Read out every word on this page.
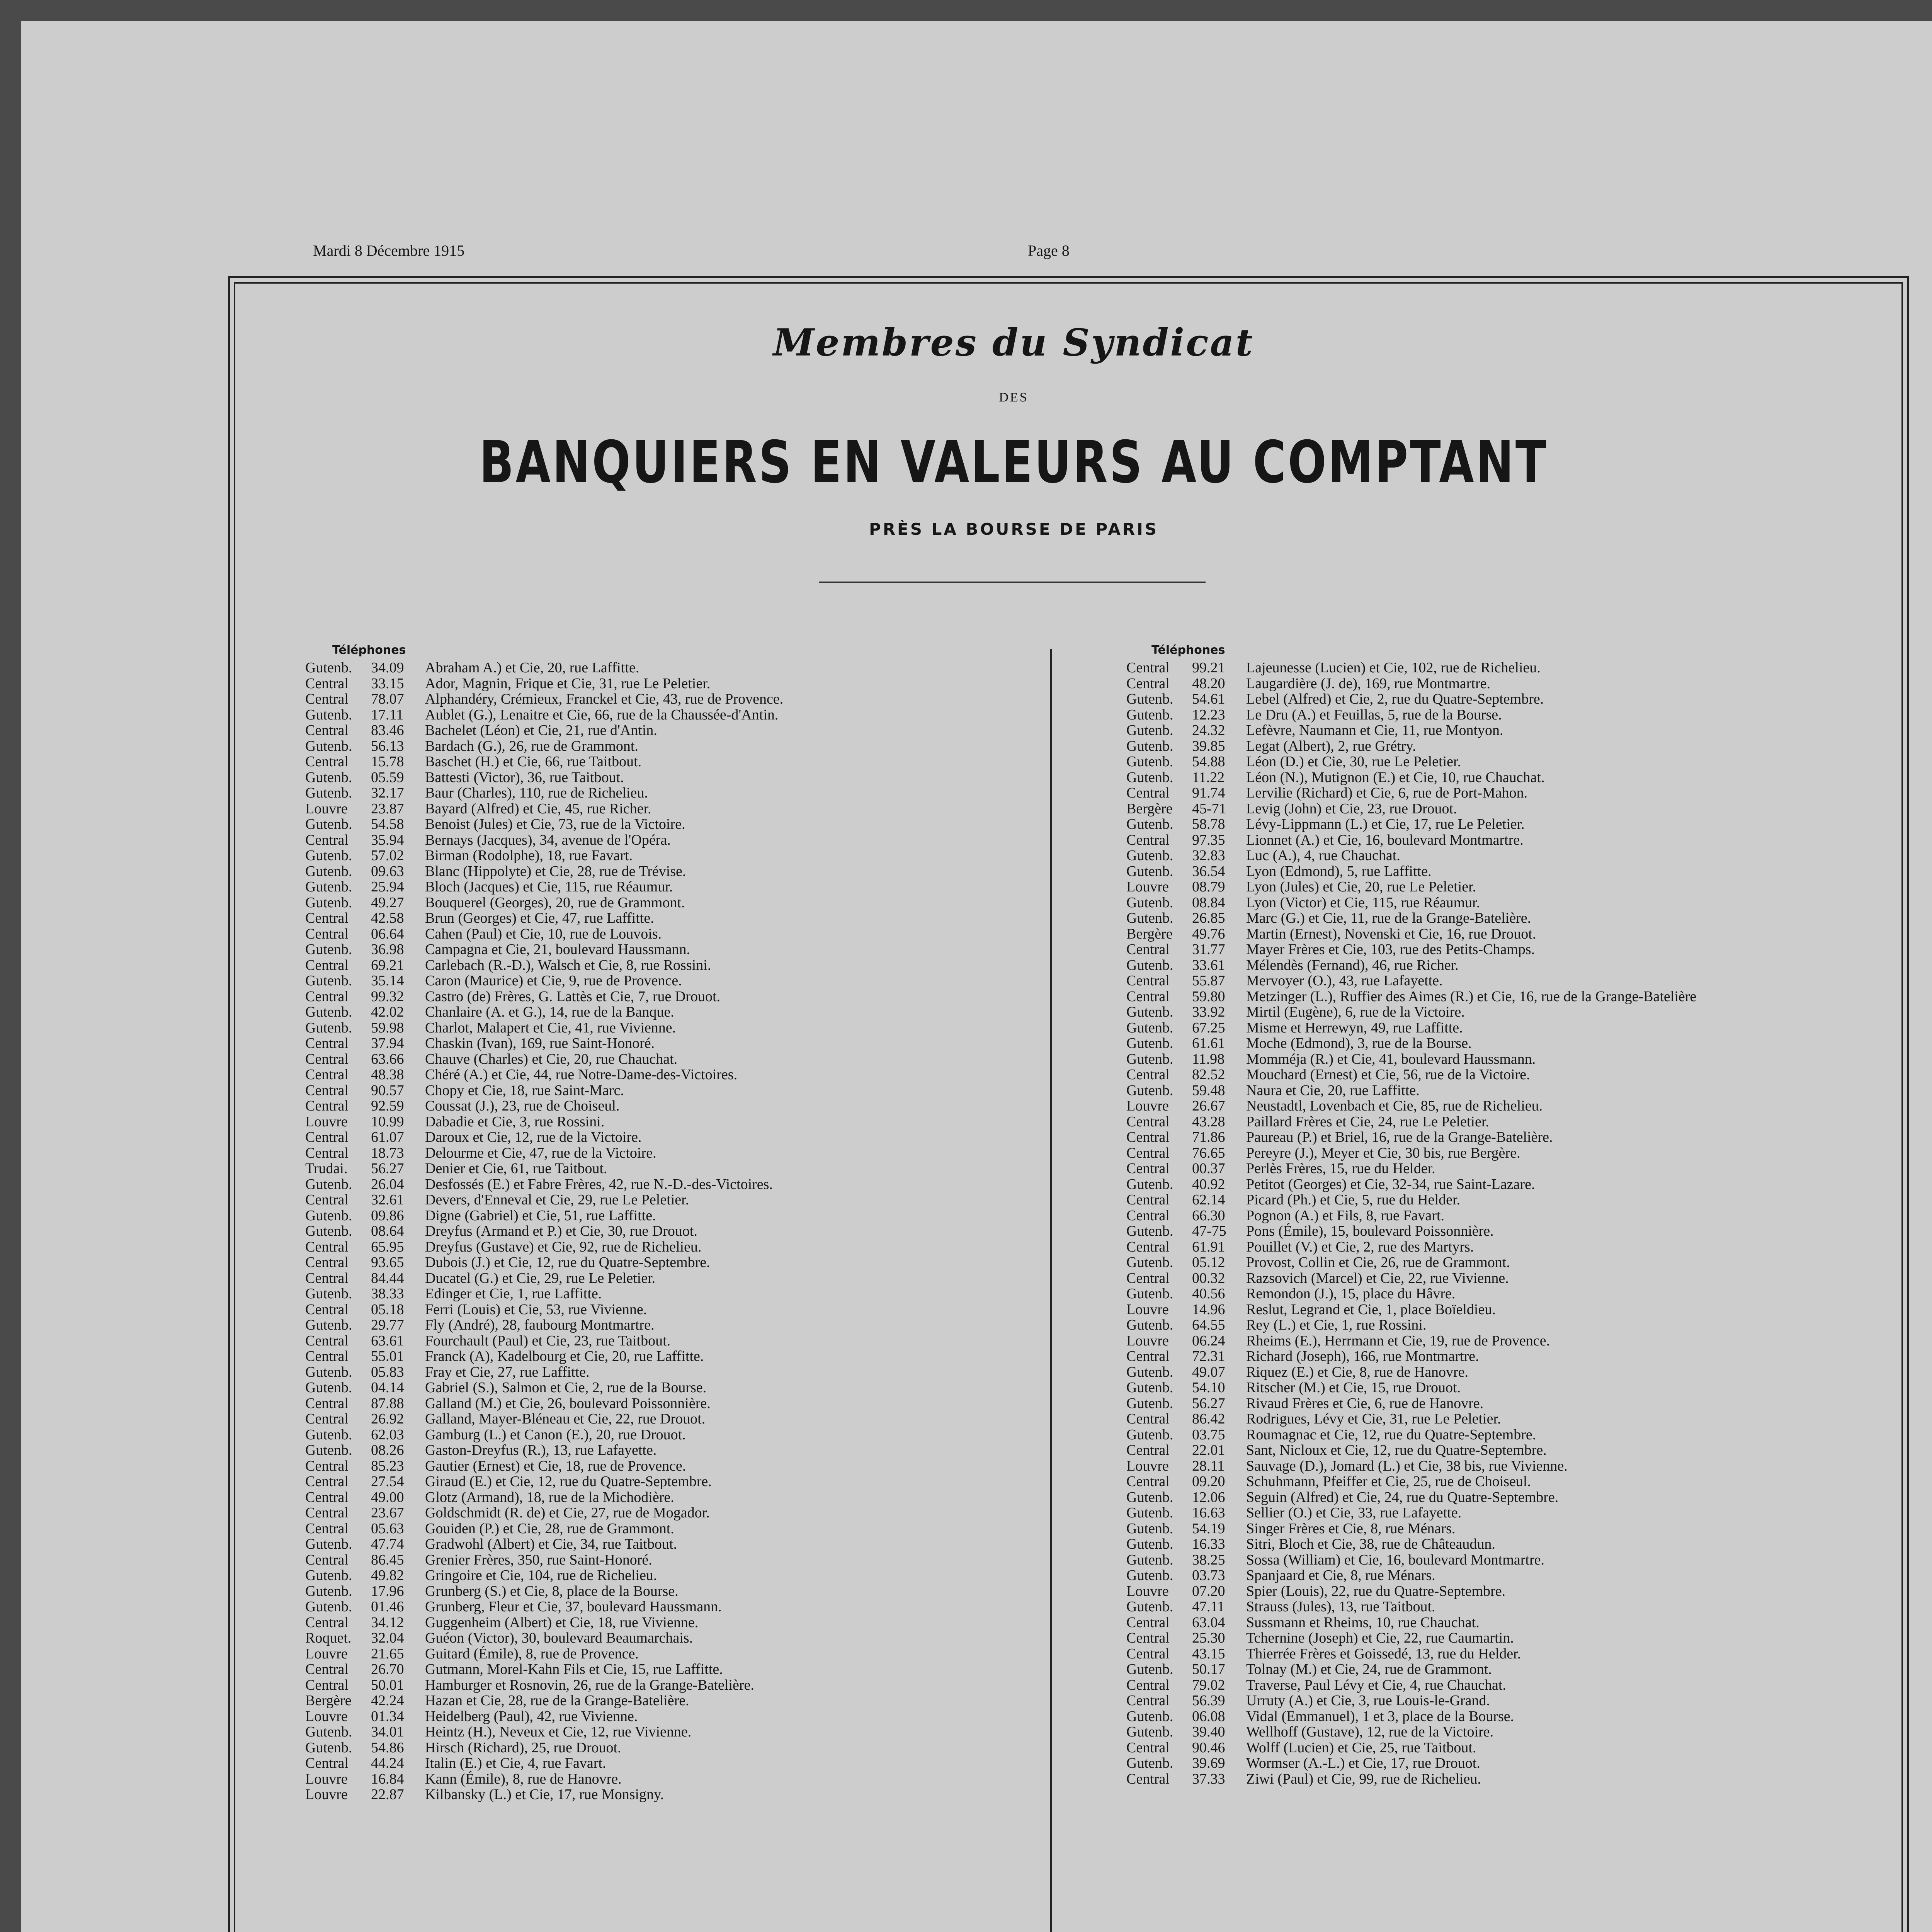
Mardi 8 Décembre 1915	Page 8
Membres du Syndicat
DES
BANQUIERS EN VALEURS AU COMPTANT
PRÈS LA BOURSE DE PARIS
Téléphones	Téléphones
Gutenb.	34.09	Abraham A.) et Cie, 20, rue Laffitte.
Central	33.15	Ador, Magnin, Frique et Cie, 31, rue Le Peletier.
Central	78.07	Alphandéry, Crémieux, Franckel et Cie, 43, rue de Provence.
Gutenb.	17.11	Aublet (G.), Lenaitre et Cie, 66, rue de la Chaussée-d'Antin.
Central	83.46	Bachelet (Léon) et Cie, 21, rue d'Antin.
Gutenb.	56.13	Bardach (G.), 26, rue de Grammont.
Central	15.78	Baschet (H.) et Cie, 66, rue Taitbout.
Gutenb.	05.59	Battesti (Victor), 36, rue Taitbout.
Gutenb.	32.17	Baur (Charles), 110, rue de Richelieu.
Louvre	23.87	Bayard (Alfred) et Cie, 45, rue Richer.
Gutenb.	54.58	Benoist (Jules) et Cie, 73, rue de la Victoire.
Central	35.94	Bernays (Jacques), 34, avenue de l'Opéra.
Gutenb.	57.02	Birman (Rodolphe), 18, rue Favart.
Gutenb.	09.63	Blanc (Hippolyte) et Cie, 28, rue de Trévise.
Gutenb.	25.94	Bloch (Jacques) et Cie, 115, rue Réaumur.
Gutenb.	49.27	Bouquerel (Georges), 20, rue de Grammont.
Central	42.58	Brun (Georges) et Cie, 47, rue Laffitte.
Central	06.64	Cahen (Paul) et Cie, 10, rue de Louvois.
Gutenb.	36.98	Campagna et Cie, 21, boulevard Haussmann.
Central	69.21	Carlebach (R.-D.), Walsch et Cie, 8, rue Rossini.
Gutenb.	35.14	Caron (Maurice) et Cie, 9, rue de Provence.
Central	99.32	Castro (de) Frères, G. Lattès et Cie, 7, rue Drouot.
Gutenb.	42.02	Chanlaire (A. et G.), 14, rue de la Banque.
Gutenb.	59.98	Charlot, Malapert et Cie, 41, rue Vivienne.
Central	37.94	Chaskin (Ivan), 169, rue Saint-Honoré.
Central	63.66	Chauve (Charles) et Cie, 20, rue Chauchat.
Central	48.38	Chéré (A.) et Cie, 44, rue Notre-Dame-des-Victoires.
Central	90.57	Chopy et Cie, 18, rue Saint-Marc.
Central	92.59	Coussat (J.), 23, rue de Choiseul.
Louvre	10.99	Dabadie et Cie, 3, rue Rossini.
Central	61.07	Daroux et Cie, 12, rue de la Victoire.
Central	18.73	Delourme et Cie, 47, rue de la Victoire.
Trudai.	56.27	Denier et Cie, 61, rue Taitbout.
Gutenb.	26.04	Desfossés (E.) et Fabre Frères, 42, rue N.-D.-des-Victoires.
Central	32.61	Devers, d'Enneval et Cie, 29, rue Le Peletier.
Gutenb.	09.86	Digne (Gabriel) et Cie, 51, rue Laffitte.
Gutenb.	08.64	Dreyfus (Armand et P.) et Cie, 30, rue Drouot.
Central	65.95	Dreyfus (Gustave) et Cie, 92, rue de Richelieu.
Central	93.65	Dubois (J.) et Cie, 12, rue du Quatre-Septembre.
Central	84.44	Ducatel (G.) et Cie, 29, rue Le Peletier.
Gutenb.	38.33	Edinger et Cie, 1, rue Laffitte.
Central	05.18	Ferri (Louis) et Cie, 53, rue Vivienne.
Gutenb.	29.77	Fly (André), 28, faubourg Montmartre.
Central	63.61	Fourchault (Paul) et Cie, 23, rue Taitbout.
Central	55.01	Franck (A), Kadelbourg et Cie, 20, rue Laffitte.
Gutenb.	05.83	Fray et Cie, 27, rue Laffitte.
Gutenb.	04.14	Gabriel (S.), Salmon et Cie, 2, rue de la Bourse.
Central	87.88	Galland (M.) et Cie, 26, boulevard Poissonnière.
Central	26.92	Galland, Mayer-Bléneau et Cie, 22, rue Drouot.
Gutenb.	62.03	Gamburg (L.) et Canon (E.), 20, rue Drouot.
Gutenb.	08.26	Gaston-Dreyfus (R.), 13, rue Lafayette.
Central	85.23	Gautier (Ernest) et Cie, 18, rue de Provence.
Central	27.54	Giraud (E.) et Cie, 12, rue du Quatre-Septembre.
Central	49.00	Glotz (Armand), 18, rue de la Michodière.
Central	23.67	Goldschmidt (R. de) et Cie, 27, rue de Mogador.
Central	05.63	Gouiden (P.) et Cie, 28, rue de Grammont.
Gutenb.	47.74	Gradwohl (Albert) et Cie, 34, rue Taitbout.
Central	86.45	Grenier Frères, 350, rue Saint-Honoré.
Gutenb.	49.82	Gringoire et Cie, 104, rue de Richelieu.
Gutenb.	17.96	Grunberg (S.) et Cie, 8, place de la Bourse.
Gutenb.	01.46	Grunberg, Fleur et Cie, 37, boulevard Haussmann.
Central	34.12	Guggenheim (Albert) et Cie, 18, rue Vivienne.
Roquet.	32.04	Guéon (Victor), 30, boulevard Beaumarchais.
Louvre	21.65	Guitard (Émile), 8, rue de Provence.
Central	26.70	Gutmann, Morel-Kahn Fils et Cie, 15, rue Laffitte.
Central	50.01	Hamburger et Rosnovin, 26, rue de la Grange-Batelière.
Bergère	42.24	Hazan et Cie, 28, rue de la Grange-Batelière.
Louvre	01.34	Heidelberg (Paul), 42, rue Vivienne.
Gutenb.	34.01	Heintz (H.), Neveux et Cie, 12, rue Vivienne.
Gutenb.	54.86	Hirsch (Richard), 25, rue Drouot.
Central	44.24	Italin (E.) et Cie, 4, rue Favart.
Louvre	16.84	Kann (Émile), 8, rue de Hanovre.
Louvre	22.87	Kilbansky (L.) et Cie, 17, rue Monsigny.
Central	99.21	Lajeunesse (Lucien) et Cie, 102, rue de Richelieu.
Central	48.20	Laugardière (J. de), 169, rue Montmartre.
Gutenb.	54.61	Lebel (Alfred) et Cie, 2, rue du Quatre-Septembre.
Gutenb.	12.23	Le Dru (A.) et Feuillas, 5, rue de la Bourse.
Gutenb.	24.32	Lefèvre, Naumann et Cie, 11, rue Montyon.
Gutenb.	39.85	Legat (Albert), 2, rue Grétry.
Gutenb.	54.88	Léon (D.) et Cie, 30, rue Le Peletier.
Gutenb.	11.22	Léon (N.), Mutignon (E.) et Cie, 10, rue Chauchat.
Central	91.74	Lervilie (Richard) et Cie, 6, rue de Port-Mahon.
Bergère	45-71	Levig (John) et Cie, 23, rue Drouot.
Gutenb.	58.78	Lévy-Lippmann (L.) et Cie, 17, rue Le Peletier.
Central	97.35	Lionnet (A.) et Cie, 16, boulevard Montmartre.
Gutenb.	32.83	Luc (A.), 4, rue Chauchat.
Gutenb.	36.54	Lyon (Edmond), 5, rue Laffitte.
Louvre	08.79	Lyon (Jules) et Cie, 20, rue Le Peletier.
Gutenb.	08.84	Lyon (Victor) et Cie, 115, rue Réaumur.
Gutenb.	26.85	Marc (G.) et Cie, 11, rue de la Grange-Batelière.
Bergère	49.76	Martin (Ernest), Novenski et Cie, 16, rue Drouot.
Central	31.77	Mayer Frères et Cie, 103, rue des Petits-Champs.
Gutenb.	33.61	Mélendès (Fernand), 46, rue Richer.
Central	55.87	Mervoyer (O.), 43, rue Lafayette.
Central	59.80	Metzinger (L.), Ruffier des Aimes (R.) et Cie, 16, rue de la Grange-Batelière
Gutenb.	33.92	Mirtil (Eugène), 6, rue de la Victoire.
Gutenb.	67.25	Misme et Herrewyn, 49, rue Laffitte.
Gutenb.	61.61	Moche (Edmond), 3, rue de la Bourse.
Gutenb.	11.98	Momméja (R.) et Cie, 41, boulevard Haussmann.
Central	82.52	Mouchard (Ernest) et Cie, 56, rue de la Victoire.
Gutenb.	59.48	Naura et Cie, 20, rue Laffitte.
Louvre	26.67	Neustadtl, Lovenbach et Cie, 85, rue de Richelieu.
Central	43.28	Paillard Frères et Cie, 24, rue Le Peletier.
Central	71.86	Paureau (P.) et Briel, 16, rue de la Grange-Batelière.
Central	76.65	Pereyre (J.), Meyer et Cie, 30 bis, rue Bergère.
Central	00.37	Perlès Frères, 15, rue du Helder.
Gutenb.	40.92	Petitot (Georges) et Cie, 32-34, rue Saint-Lazare.
Central	62.14	Picard (Ph.) et Cie, 5, rue du Helder.
Central	66.30	Pognon (A.) et Fils, 8, rue Favart.
Gutenb.	47-75	Pons (Émile), 15, boulevard Poissonnière.
Central	61.91	Pouillet (V.) et Cie, 2, rue des Martyrs.
Gutenb.	05.12	Provost, Collin et Cie, 26, rue de Grammont.
Central	00.32	Razsovich (Marcel) et Cie, 22, rue Vivienne.
Gutenb.	40.56	Remondon (J.), 15, place du Hâvre.
Louvre	14.96	Reslut, Legrand et Cie, 1, place Boïeldieu.
Gutenb.	64.55	Rey (L.) et Cie, 1, rue Rossini.
Louvre	06.24	Rheims (E.), Herrmann et Cie, 19, rue de Provence.
Central	72.31	Richard (Joseph), 166, rue Montmartre.
Gutenb.	49.07	Riquez (E.) et Cie, 8, rue de Hanovre.
Gutenb.	54.10	Ritscher (M.) et Cie, 15, rue Drouot.
Gutenb.	56.27	Rivaud Frères et Cie, 6, rue de Hanovre.
Central	86.42	Rodrigues, Lévy et Cie, 31, rue Le Peletier.
Gutenb.	03.75	Roumagnac et Cie, 12, rue du Quatre-Septembre.
Central	22.01	Sant, Nicloux et Cie, 12, rue du Quatre-Septembre.
Louvre	28.11	Sauvage (D.), Jomard (L.) et Cie, 38 bis, rue Vivienne.
Central	09.20	Schuhmann, Pfeiffer et Cie, 25, rue de Choiseul.
Gutenb.	12.06	Seguin (Alfred) et Cie, 24, rue du Quatre-Septembre.
Gutenb.	16.63	Sellier (O.) et Cie, 33, rue Lafayette.
Gutenb.	54.19	Singer Frères et Cie, 8, rue Ménars.
Gutenb.	16.33	Sitri, Bloch et Cie, 38, rue de Châteaudun.
Gutenb.	38.25	Sossa (William) et Cie, 16, boulevard Montmartre.
Gutenb.	03.73	Spanjaard et Cie, 8, rue Ménars.
Louvre	07.20	Spier (Louis), 22, rue du Quatre-Septembre.
Gutenb.	47.11	Strauss (Jules), 13, rue Taitbout.
Central	63.04	Sussmann et Rheims, 10, rue Chauchat.
Central	25.30	Tchernine (Joseph) et Cie, 22, rue Caumartin.
Central	43.15	Thierrée Frères et Goissedé, 13, rue du Helder.
Gutenb.	50.17	Tolnay (M.) et Cie, 24, rue de Grammont.
Central	79.02	Traverse, Paul Lévy et Cie, 4, rue Chauchat.
Central	56.39	Urruty (A.) et Cie, 3, rue Louis-le-Grand.
Gutenb.	06.08	Vidal (Emmanuel), 1 et 3, place de la Bourse.
Gutenb.	39.40	Wellhoff (Gustave), 12, rue de la Victoire.
Central	90.46	Wolff (Lucien) et Cie, 25, rue Taitbout.
Gutenb.	39.69	Wormser (A.-L.) et Cie, 17, rue Drouot.
Central	37.33	Ziwi (Paul) et Cie, 99, rue de Richelieu.
